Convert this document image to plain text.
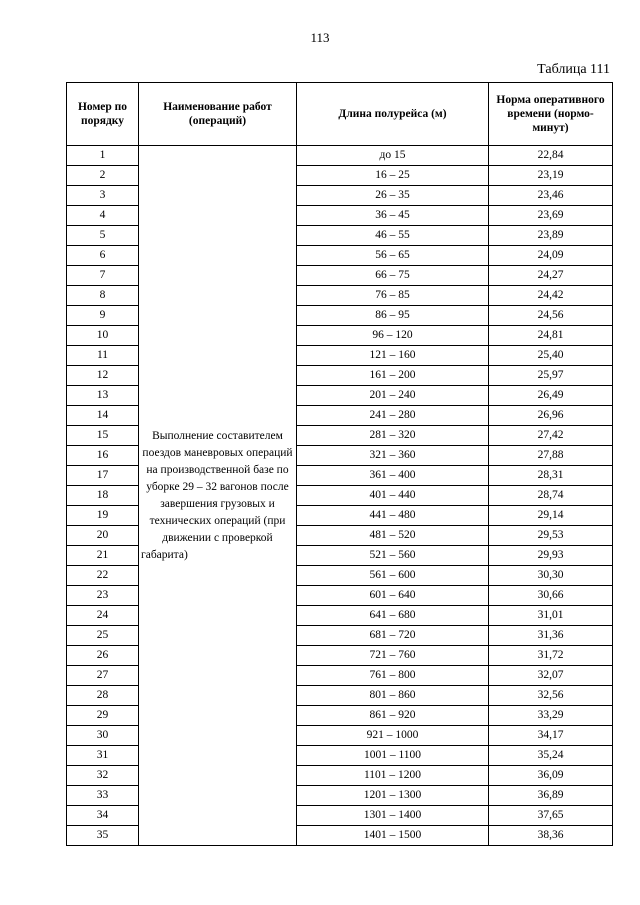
113
Таблица 111
Номер по порядку	Наименование работ (операций)	Длина полурейса (м)	Норма оперативного времени (нормо-минут)
1	Выполнение составителем поездов маневровых операций на производственной базе по уборке 29 – 32 вагонов после завершения грузовых и технических операций (при движении с проверкой габарита)	до 15	22,84
2		16 – 25	23,19
3		26 – 35	23,46
4		36 – 45	23,69
5		46 – 55	23,89
6		56 – 65	24,09
7		66 – 75	24,27
8		76 – 85	24,42
9		86 – 95	24,56
10		96 – 120	24,81
11		121 – 160	25,40
12		161 – 200	25,97
13		201 – 240	26,49
14		241 – 280	26,96
15		281 – 320	27,42
16		321 – 360	27,88
17		361 – 400	28,31
18		401 – 440	28,74
19		441 – 480	29,14
20		481 – 520	29,53
21		521 – 560	29,93
22		561 – 600	30,30
23		601 – 640	30,66
24		641 – 680	31,01
25		681 – 720	31,36
26		721 – 760	31,72
27		761 – 800	32,07
28		801 – 860	32,56
29		861 – 920	33,29
30		921 – 1000	34,17
31		1001 – 1100	35,24
32		1101 – 1200	36,09
33		1201 – 1300	36,89
34		1301 – 1400	37,65
35		1401 – 1500	38,36
